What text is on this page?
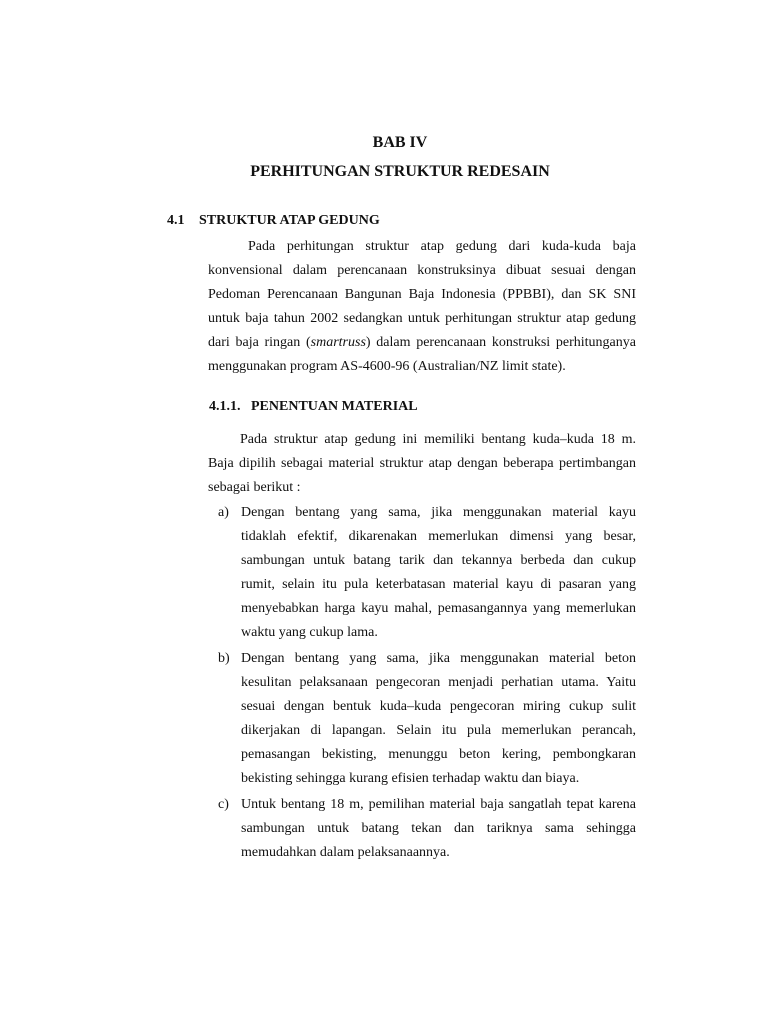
BAB IV
PERHITUNGAN STRUKTUR REDESAIN
4.1 STRUKTUR ATAP GEDUNG
Pada perhitungan struktur atap gedung dari kuda-kuda baja
konvensional dalam perencanaan konstruksinya dibuat sesuai dengan
Pedoman Perencanaan Bangunan Baja Indonesia (PPBBI), dan SK SNI
untuk baja tahun 2002 sedangkan untuk perhitungan struktur atap gedung
dari baja ringan (smartruss) dalam perencanaan konstruksi perhitunganya
menggunakan program AS-4600-96 (Australian/NZ limit state).
4.1.1. PENENTUAN MATERIAL
Pada struktur atap gedung ini memiliki bentang kuda–kuda 18 m.
Baja dipilih sebagai material struktur atap dengan beberapa pertimbangan
sebagai berikut :
a) Dengan bentang yang sama, jika menggunakan material kayu
tidaklah efektif, dikarenakan memerlukan dimensi yang besar,
sambungan untuk batang tarik dan tekannya berbeda dan cukup
rumit, selain itu pula keterbatasan material kayu di pasaran yang
menyebabkan harga kayu mahal, pemasangannya yang memerlukan
waktu yang cukup lama.
b) Dengan bentang yang sama, jika menggunakan material beton
kesulitan pelaksanaan pengecoran menjadi perhatian utama. Yaitu
sesuai dengan bentuk kuda–kuda pengecoran miring cukup sulit
dikerjakan di lapangan. Selain itu pula memerlukan perancah,
pemasangan bekisting, menunggu beton kering, pembongkaran
bekisting sehingga kurang efisien terhadap waktu dan biaya.
c) Untuk bentang 18 m, pemilihan material baja sangatlah tepat karena
sambungan untuk batang tekan dan tariknya sama sehingga
memudahkan dalam pelaksanaannya.
